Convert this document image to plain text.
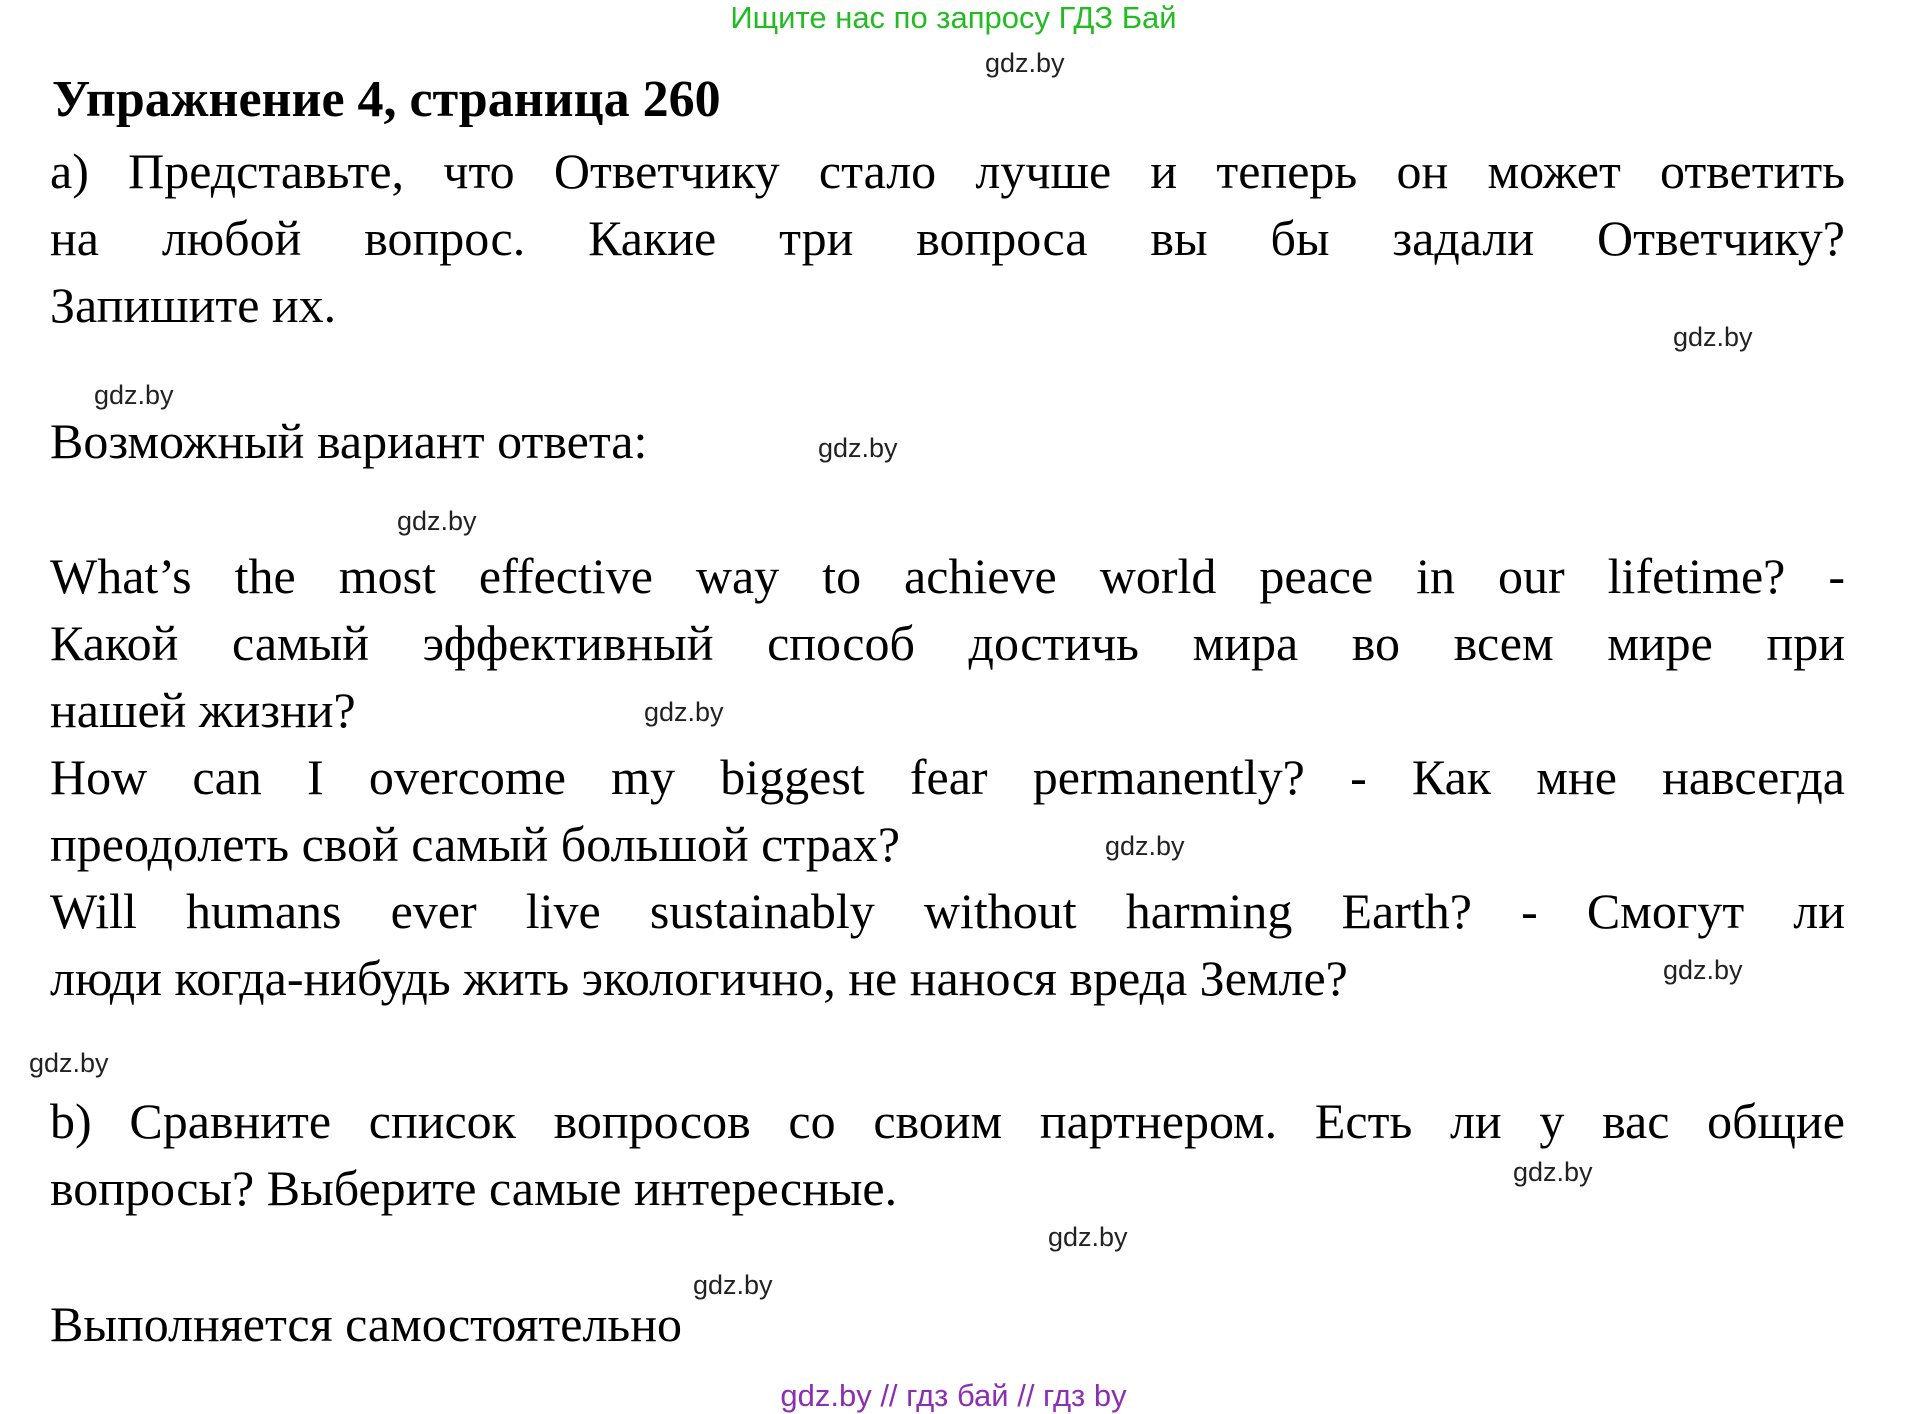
Ищите нас по запросу ГДЗ Бай
Упражнение 4, страница 260
а) Представьте, что Ответчику стало лучше и теперь он может ответить
на любой вопрос. Какие три вопроса вы бы задали Ответчику?
Запишите их.
Возможный вариант ответа:
What’s the most effective way to achieve world peace in our lifetime? -
Какой самый эффективный способ достичь мира во всем мире при
нашей жизни?
How can I overcome my biggest fear permanently? - Как мне навсегда
преодолеть свой самый большой страх?
Will humans ever live sustainably without harming Earth? - Смогут ли
люди когда-нибудь жить экологично, не нанося вреда Земле?
b) Сравните список вопросов со своим партнером. Есть ли у вас общие
вопросы? Выберите самые интересные.
Выполняется самостоятельно
gdz.by
gdz.by
gdz.by
gdz.by
gdz.by
gdz.by
gdz.by
gdz.by
gdz.by
gdz.by
gdz.by
gdz.by
gdz.by // гдз бай // гдз by
